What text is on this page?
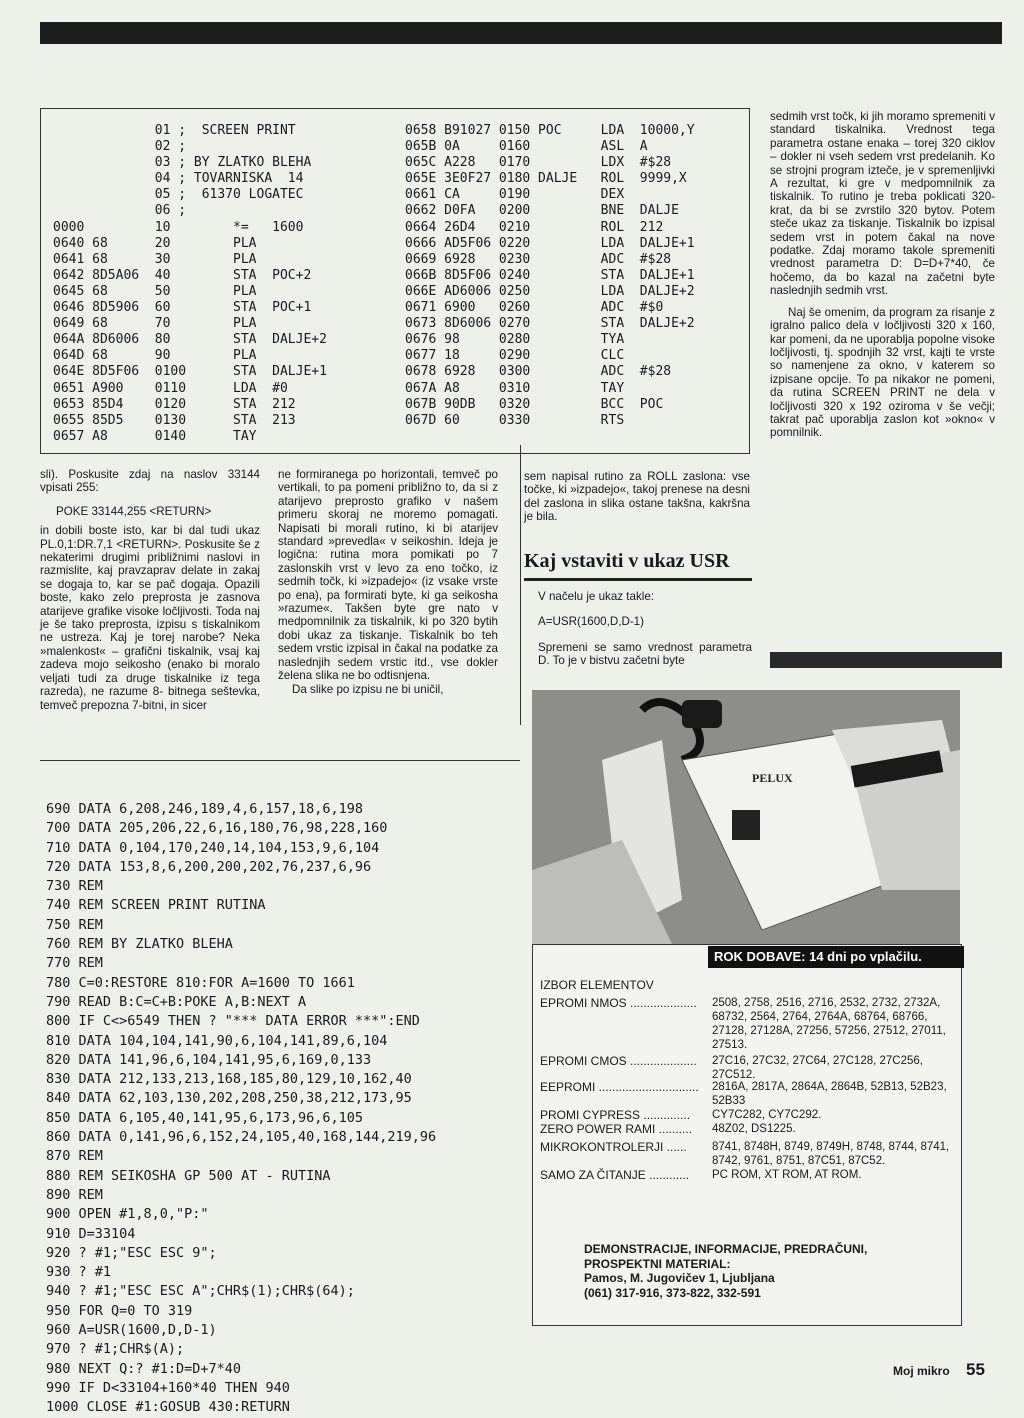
01 ;  SCREEN PRINT
02 ;
03 ; BY ZLATKO BLEHA
04 ; TOVARNISKA  14
05 ;  61370 LOGATEC
06 ;
0000         10        *=   1600
0640 68      20        PLA
0641 68      30        PLA
0642 8D5A06  40        STA  POC+2
0645 68      50        PLA
0646 8D5906  60        STA  POC+1
0649 68      70        PLA
064A 8D6006  80        STA  DALJE+2
064D 68      90        PLA
064E 8D5F06  0100      STA  DALJE+1
0651 A900    0110      LDA  #0
0653 85D4    0120      STA  212
0655 85D5    0130      STA  213
0657 A8      0140      TAY
0658 B91027 0150 POC     LDA  10000,Y
065B 0A     0160         ASL  A
065C A228   0170         LDX  #$28
065E 3E0F27 0180 DALJE   ROL  9999,X
0661 CA     0190         DEX
0662 D0FA   0200         BNE  DALJE
0664 26D4   0210         ROL  212
0666 AD5F06 0220         LDA  DALJE+1
0669 6928   0230         ADC  #$28
066B 8D5F06 0240         STA  DALJE+1
066E AD6006 0250         LDA  DALJE+2
0671 6900   0260         ADC  #$0
0673 8D6006 0270         STA  DALJE+2
0676 98     0280         TYA
0677 18     0290         CLC
0678 6928   0300         ADC  #$28
067A A8     0310         TAY
067B 90DB   0320         BCC  POC
067D 60     0330         RTS

sedmih vrst točk, ki jih moramo spremeniti v standard tiskalnika. Vrednost tega parametra ostane enaka – torej 320 ciklov – dokler ni vseh sedem vrst predelanih. Ko se strojni program izteče, je v spremenljivki A rezultat, ki gre v medpomnilnik za tiskalnik. To rutino je treba poklicati 320-krat, da bi se zvrstilo 320 bytov. Potem steče ukaz za tiskanje. Tiskalnik bo izpisal sedem vrst in potem čakal na nove podatke. Zdaj moramo takole spremeniti vrednost parametra D: D=D+7*40, če hočemo, da bo kazal na začetni byte naslednjih sedmih vrst.

Naj še omenim, da program za risanje z igralno palico dela v ločljivosti 320 x 160, kar pomeni, da ne uporablja popolne visoke ločljivosti, tj. spodnjih 32 vrst, kajti te vrste so namenjene za okno, v katerem so izpisane opcije. To pa nikakor ne pomeni, da rutina SCREEN PRINT ne dela v ločljivosti 320 x 192 oziroma v še večji; takrat pač uporablja zaslon kot »okno« v pomnilnik.

sli). Poskusite zdaj na naslov 33144 vpisati 255:

POKE 33144,255 <RETURN>

in dobili boste isto, kar bi dal tudi ukaz PL.0,1:DR.7,1 <RETURN>. Poskusite še z nekaterimi drugimi približnimi naslovi in razmislite, kaj pravzaprav delate in zakaj se dogaja to, kar se pač dogaja. Opazili boste, kako zelo preprosta je zasnova atarijeve grafike visoke ločljivosti. Toda naj je še tako preprosta, izpisu s tiskalnikom ne ustreza. Kaj je torej narobe? Neka »malenkost« – grafični tiskalnik, vsaj kaj zadeva mojo seikosho (enako bi moralo veljati tudi za druge tiskalnike iz tega razreda), ne razume 8- bitnega seštevka, temveč prepozna 7-bitni, in sicer

ne formiranega po horizontali, temveč po vertikali, to pa pomeni približno to, da si z atarijevo preprosto grafiko v našem primeru skoraj ne moremo pomagati. Napisati bi morali rutino, ki bi atarijev standard »prevedla« v seikoshin. Ideja je logična: rutina mora pomikati po 7 zaslonskih vrst v levo za eno točko, iz sedmih točk, ki »izpadejo« (iz vsake vrste po ena), pa formirati byte, ki ga seikosha »razume«. Takšen byte gre nato v medpomnilnik za tiskalnik, ki po 320 bytih dobi ukaz za tiskanje. Tiskalnik bo teh sedem vrstic izpisal in čakal na podatke za naslednjih sedem vrstic itd., vse dokler želena slika ne bo odtisnjena.

Da slike po izpisu ne bi uničil,

sem napisal rutino za ROLL zaslona: vse točke, ki »izpadejo«, takoj prenese na desni del zaslona in slika ostane takšna, kakršna je bila.

Kaj vstaviti v ukaz USR

V načelu je ukaz takle:

A=USR(1600,D,D-1)

Spremeni se samo vrednost parametra D. To je v bistvu začetni byte

PELUX
690 DATA 6,208,246,189,4,6,157,18,6,198
700 DATA 205,206,22,6,16,180,76,98,228,160
710 DATA 0,104,170,240,14,104,153,9,6,104
720 DATA 153,8,6,200,200,202,76,237,6,96
730 REM
740 REM SCREEN PRINT RUTINA
750 REM
760 REM BY ZLATKO BLEHA
770 REM
780 C=0:RESTORE 810:FOR A=1600 TO 1661
790 READ B:C=C+B:POKE A,B:NEXT A
800 IF C<>6549 THEN ? "*** DATA ERROR ***":END
810 DATA 104,104,141,90,6,104,141,89,6,104
820 DATA 141,96,6,104,141,95,6,169,0,133
830 DATA 212,133,213,168,185,80,129,10,162,40
840 DATA 62,103,130,202,208,250,38,212,173,95
850 DATA 6,105,40,141,95,6,173,96,6,105
860 DATA 0,141,96,6,152,24,105,40,168,144,219,96
870 REM
880 REM SEIKOSHA GP 500 AT - RUTINA
890 REM
900 OPEN #1,8,0,"P:"
910 D=33104
920 ? #1;"ESC ESC 9";
930 ? #1
940 ? #1;"ESC ESC A";CHR$(1);CHR$(64);
950 FOR Q=0 TO 319
960 A=USR(1600,D,D-1)
970 ? #1;CHR$(A);
980 NEXT Q:? #1:D=D+7*40
990 IF D<33104+160*40 THEN 940
1000 CLOSE #1:GOSUB 430:RETURN
ROK DOBAVE: 14 dni po vplačilu.
IZBOR ELEMENTOV
EPROMI NMOS .................... 2508, 2758, 2516, 2716, 2532, 2732, 2732A, 68732, 2564, 2764, 2764A, 68764, 68766, 27128, 27128A, 27256, 57256, 27512, 27011, 27513.
EPROMI CMOS .................... 27C16, 27C32, 27C64, 27C128, 27C256, 27C512.
EEPROMI .............................. 2816A, 2817A, 2864A, 2864B, 52B13, 52B23, 52B33
PROMI CYPRESS .............. CY7C282, CY7C292.
ZERO POWER RAMI .......... 48Z02, DS1225.
MIKROKONTROLERJI ...... 8741, 8748H, 8749, 8749H, 8748, 8744, 8741, 8742, 9761, 8751, 87C51, 87C52.
SAMO ZA ČITANJE ............ PC ROM, XT ROM, AT ROM.
DEMONSTRACIJE, INFORMACIJE, PREDRAČUNI,
PROSPEKTNI MATERIAL:
Pamos, M. Jugovičev 1, Ljubljana
(061) 317-916, 373-822, 332-591
Moj mikro 55
